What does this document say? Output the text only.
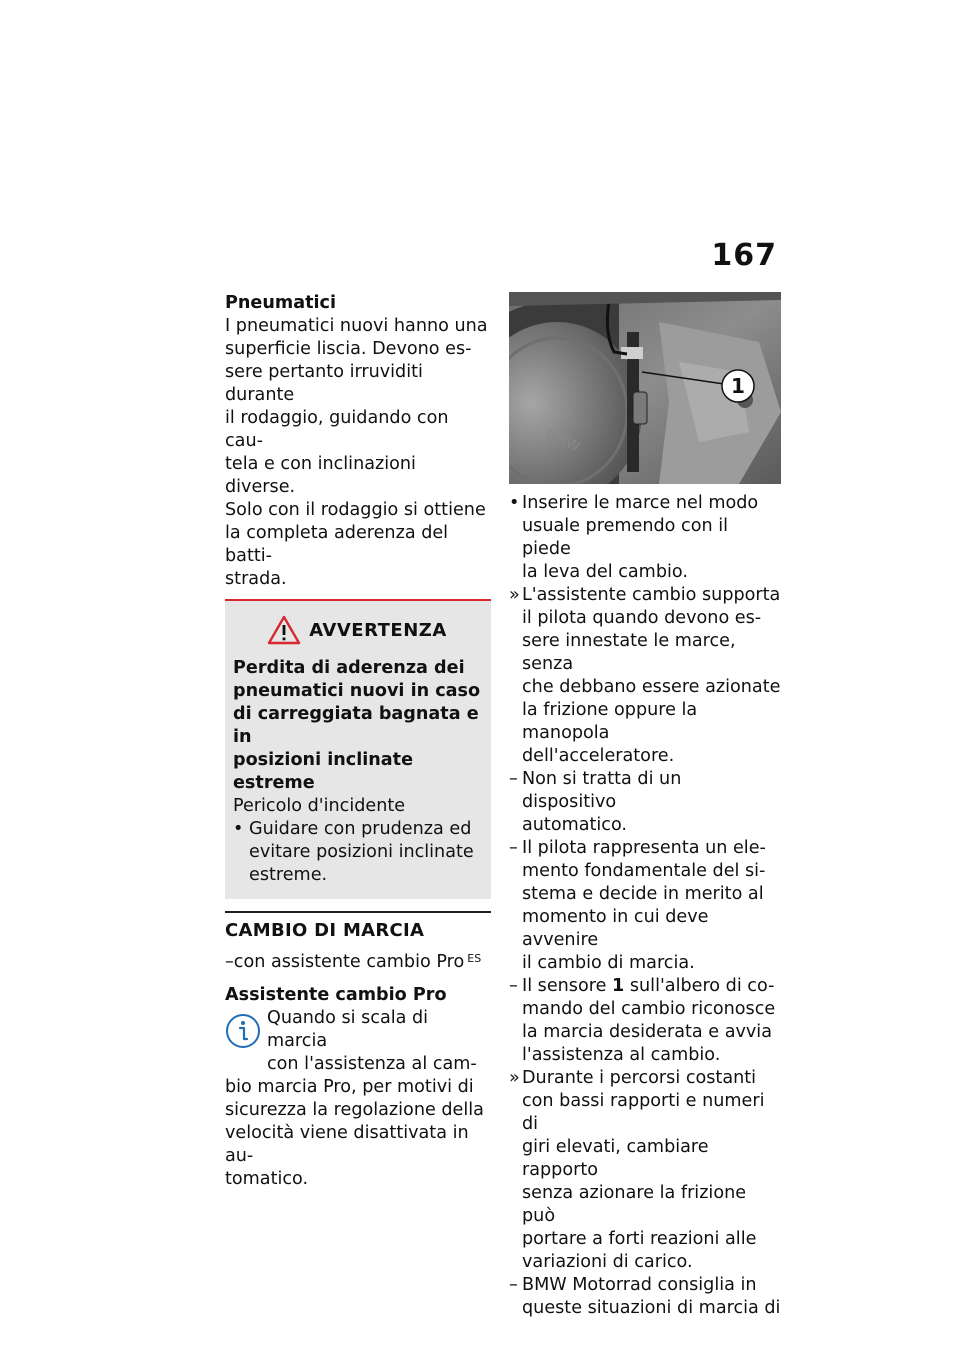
167
Pneumatici
I pneumatici nuovi hanno una
superficie liscia. Devono es-
sere pertanto irruviditi durante
il rodaggio, guidando con cau-
tela e con inclinazioni diverse.
Solo con il rodaggio si ottiene
la completa aderenza del batti-
strada.
AVVERTENZA
Perdita di aderenza dei
pneumatici nuovi in caso
di carreggiata bagnata e in
posizioni inclinate estreme
Pericolo d'incidente
• Guidare con prudenza ed
evitare posizioni inclinate
estreme.
CAMBIO DI MARCIA
–con assistente cambio Pro $^{ES}$
Assistente cambio Pro
Quando si scala di marcia
con l'assistenza al cam-
bio marcia Pro, per motivi di
sicurezza la regolazione della
velocità viene disattivata in au-
tomatico.
BMW
1
• Inserire le marce nel modo
usuale premendo con il piede
la leva del cambio.
» L'assistente cambio supporta
il pilota quando devono es-
sere innestate le marce, senza
che debbano essere azionate
la frizione oppure la manopola
dell'acceleratore.
– Non si tratta di un dispositivo
automatico.
– Il pilota rappresenta un ele-
mento fondamentale del si-
stema e decide in merito al
momento in cui deve avvenire
il cambio di marcia.
– Il sensore 1 sull'albero di co-
mando del cambio riconosce
la marcia desiderata e avvia
l'assistenza al cambio.
» Durante i percorsi costanti
con bassi rapporti e numeri di
giri elevati, cambiare rapporto
senza azionare la frizione può
portare a forti reazioni alle
variazioni di carico.
– BMW Motorrad consiglia in
queste situazioni di marcia di
